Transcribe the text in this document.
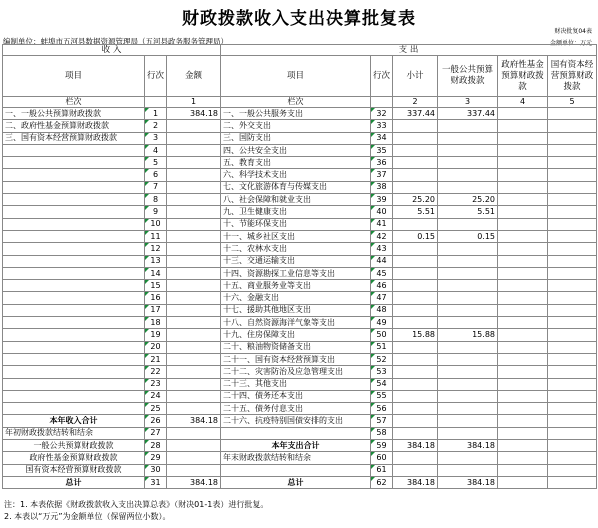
财政拨款收入支出决算批复表
财决批复04表
编制单位：蚌埠市五河县数据资源管理局（五河县政务服务管理局）	金额单位：万元
收 入			支 出					
项目	行次	金额	项目	行次	小计	一般公共预算财政拨款	政府性基金预算财政拨款	国有资本经营预算财政拨款
栏次		1	栏次		2	3	4	5
一、一般公共预算财政拨款	1	384.18	一、一般公共服务支出	32	337.44	337.44		
二、政府性基金预算财政拨款	2		二、外交支出	33				
三、国有资本经营预算财政拨款	3		三、国防支出	34				
	4		四、公共安全支出	35				
	5		五、教育支出	36				
	6		六、科学技术支出	37				
	7		七、文化旅游体育与传媒支出	38				
	8		八、社会保障和就业支出	39	25.20	25.20		
	9		九、卫生健康支出	40	5.51	5.51		
	10		十、节能环保支出	41				
	11		十一、城乡社区支出	42	0.15	0.15		
	12		十二、农林水支出	43				
	13		十三、交通运输支出	44				
	14		十四、资源勘探工业信息等支出	45				
	15		十五、商业服务业等支出	46				
	16		十六、金融支出	47				
	17		十七、援助其他地区支出	48				
	18		十八、自然资源海洋气象等支出	49				
	19		十九、住房保障支出	50	15.88	15.88		
	20		二十、粮油物资储备支出	51				
	21		二十一、国有资本经营预算支出	52				
	22		二十二、灾害防治及应急管理支出	53				
	23		二十三、其他支出	54				
	24		二十四、债务还本支出	55				
	25		二十五、债务付息支出	56				
本年收入合计	26	384.18	二十六、抗疫特别国债安排的支出	57				
年初财政拨款结转和结余	27			58				
一般公共预算财政拨款	28		本年支出合计	59	384.18	384.18		
政府性基金预算财政拨款	29		年末财政拨款结转和结余	60				
国有资本经营预算财政拨款	30			61				
总计	31	384.18	总计	62	384.18	384.18		
注：1. 本表依据《财政拨款收入支出决算总表》（财决01-1表）进行批复。
2. 本表以“万元”为金额单位（保留两位小数）。
